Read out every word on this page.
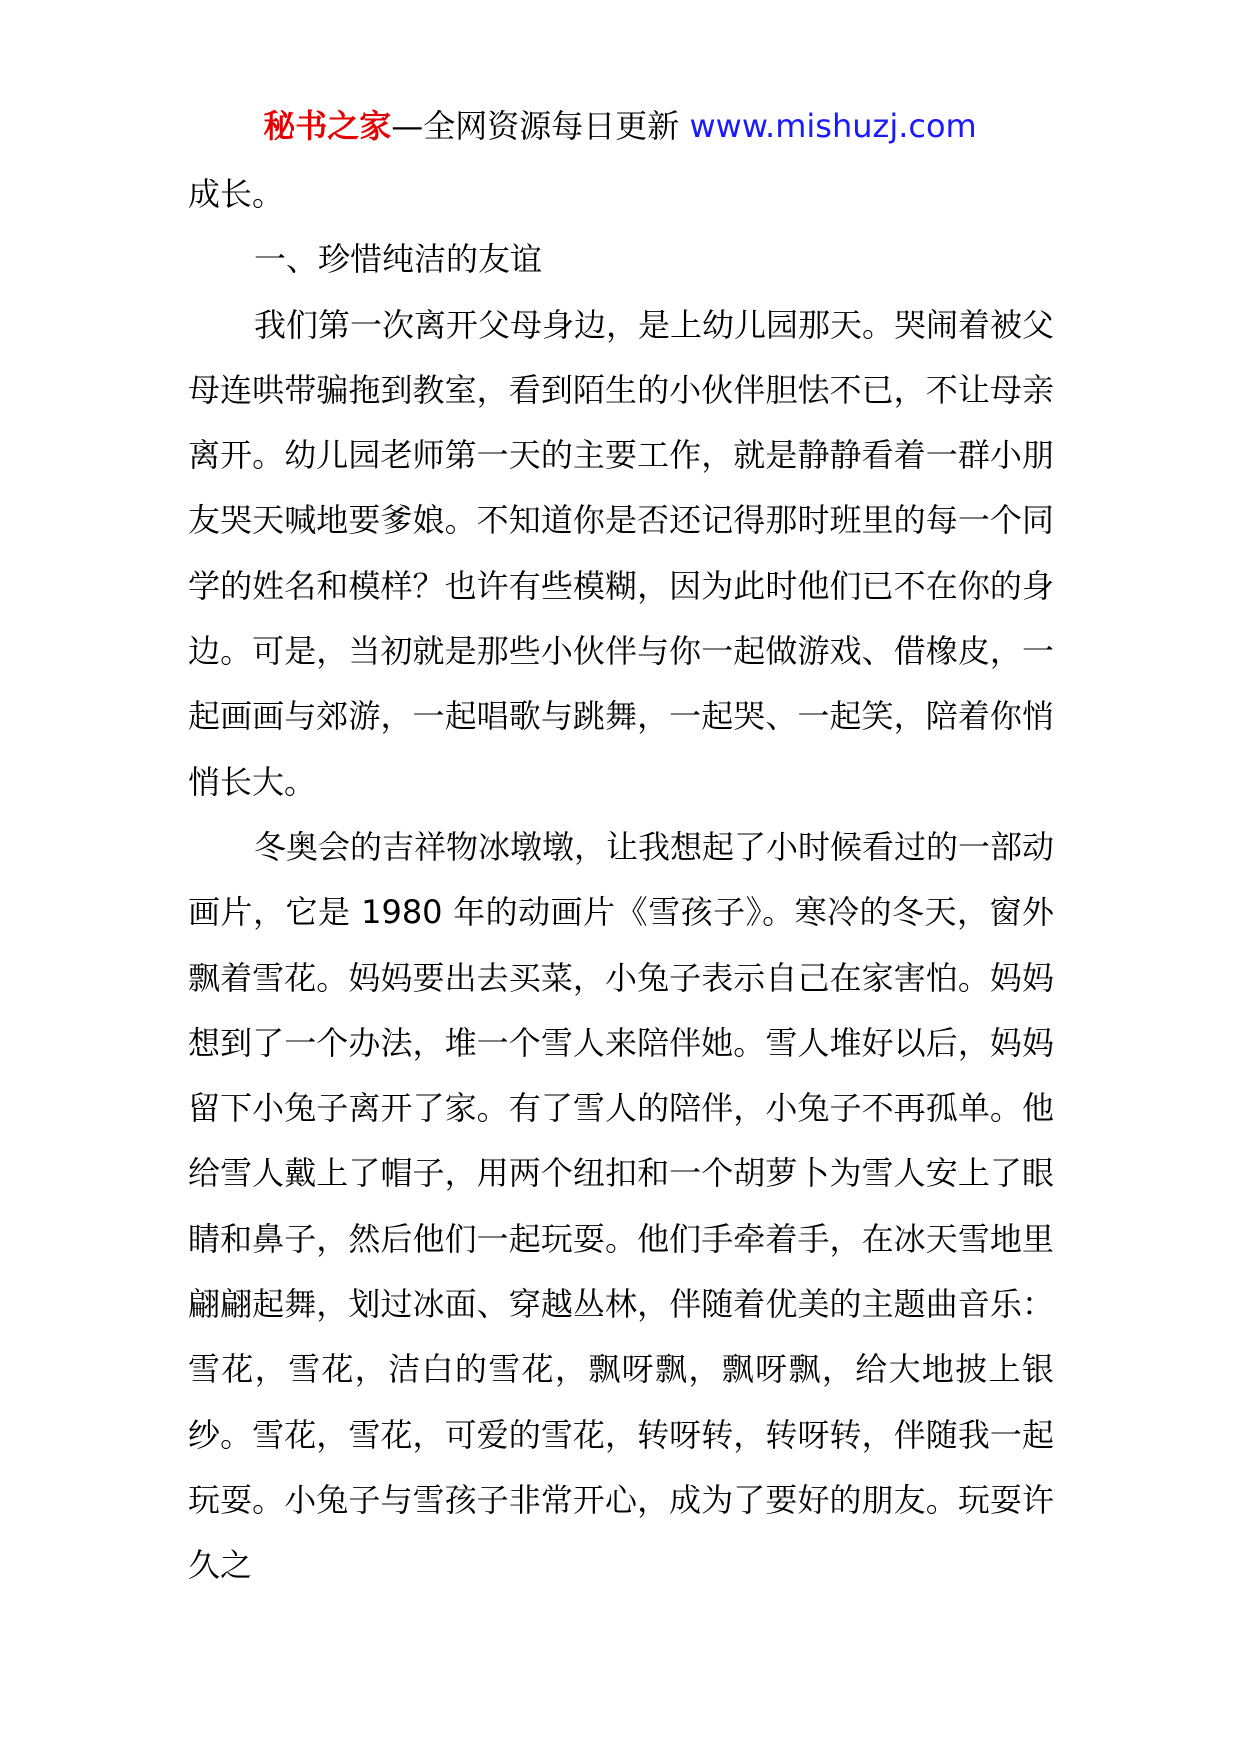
秘书之家—全网资源每日更新 www.mishuzj.com

成长。

一、珍惜纯洁的友谊

我们第一次离开父母身边，是上幼儿园那天。哭闹着被父母连哄带骗拖到教室，看到陌生的小伙伴胆怯不已，不让母亲离开。幼儿园老师第一天的主要工作，就是静静看着一群小朋友哭天喊地要爹娘。不知道你是否还记得那时班里的每一个同学的姓名和模样？也许有些模糊，因为此时他们已不在你的身边。可是，当初就是那些小伙伴与你一起做游戏、借橡皮，一起画画与郊游，一起唱歌与跳舞，一起哭、一起笑，陪着你悄悄长大。

冬奥会的吉祥物冰墩墩，让我想起了小时候看过的一部动画片，它是 1980 年的动画片《雪孩子》。寒冷的冬天，窗外飘着雪花。妈妈要出去买菜，小兔子表示自己在家害怕。妈妈想到了一个办法，堆一个雪人来陪伴她。雪人堆好以后，妈妈留下小兔子离开了家。有了雪人的陪伴，小兔子不再孤单。他给雪人戴上了帽子，用两个纽扣和一个胡萝卜为雪人安上了眼睛和鼻子，然后他们一起玩耍。他们手牵着手，在冰天雪地里翩翩起舞，划过冰面、穿越丛林，伴随着优美的主题曲音乐：雪花，雪花，洁白的雪花，飘呀飘，飘呀飘，给大地披上银纱。雪花，雪花，可爱的雪花，转呀转，转呀转，伴随我一起玩耍。小兔子与雪孩子非常开心，成为了要好的朋友。玩耍许久之
